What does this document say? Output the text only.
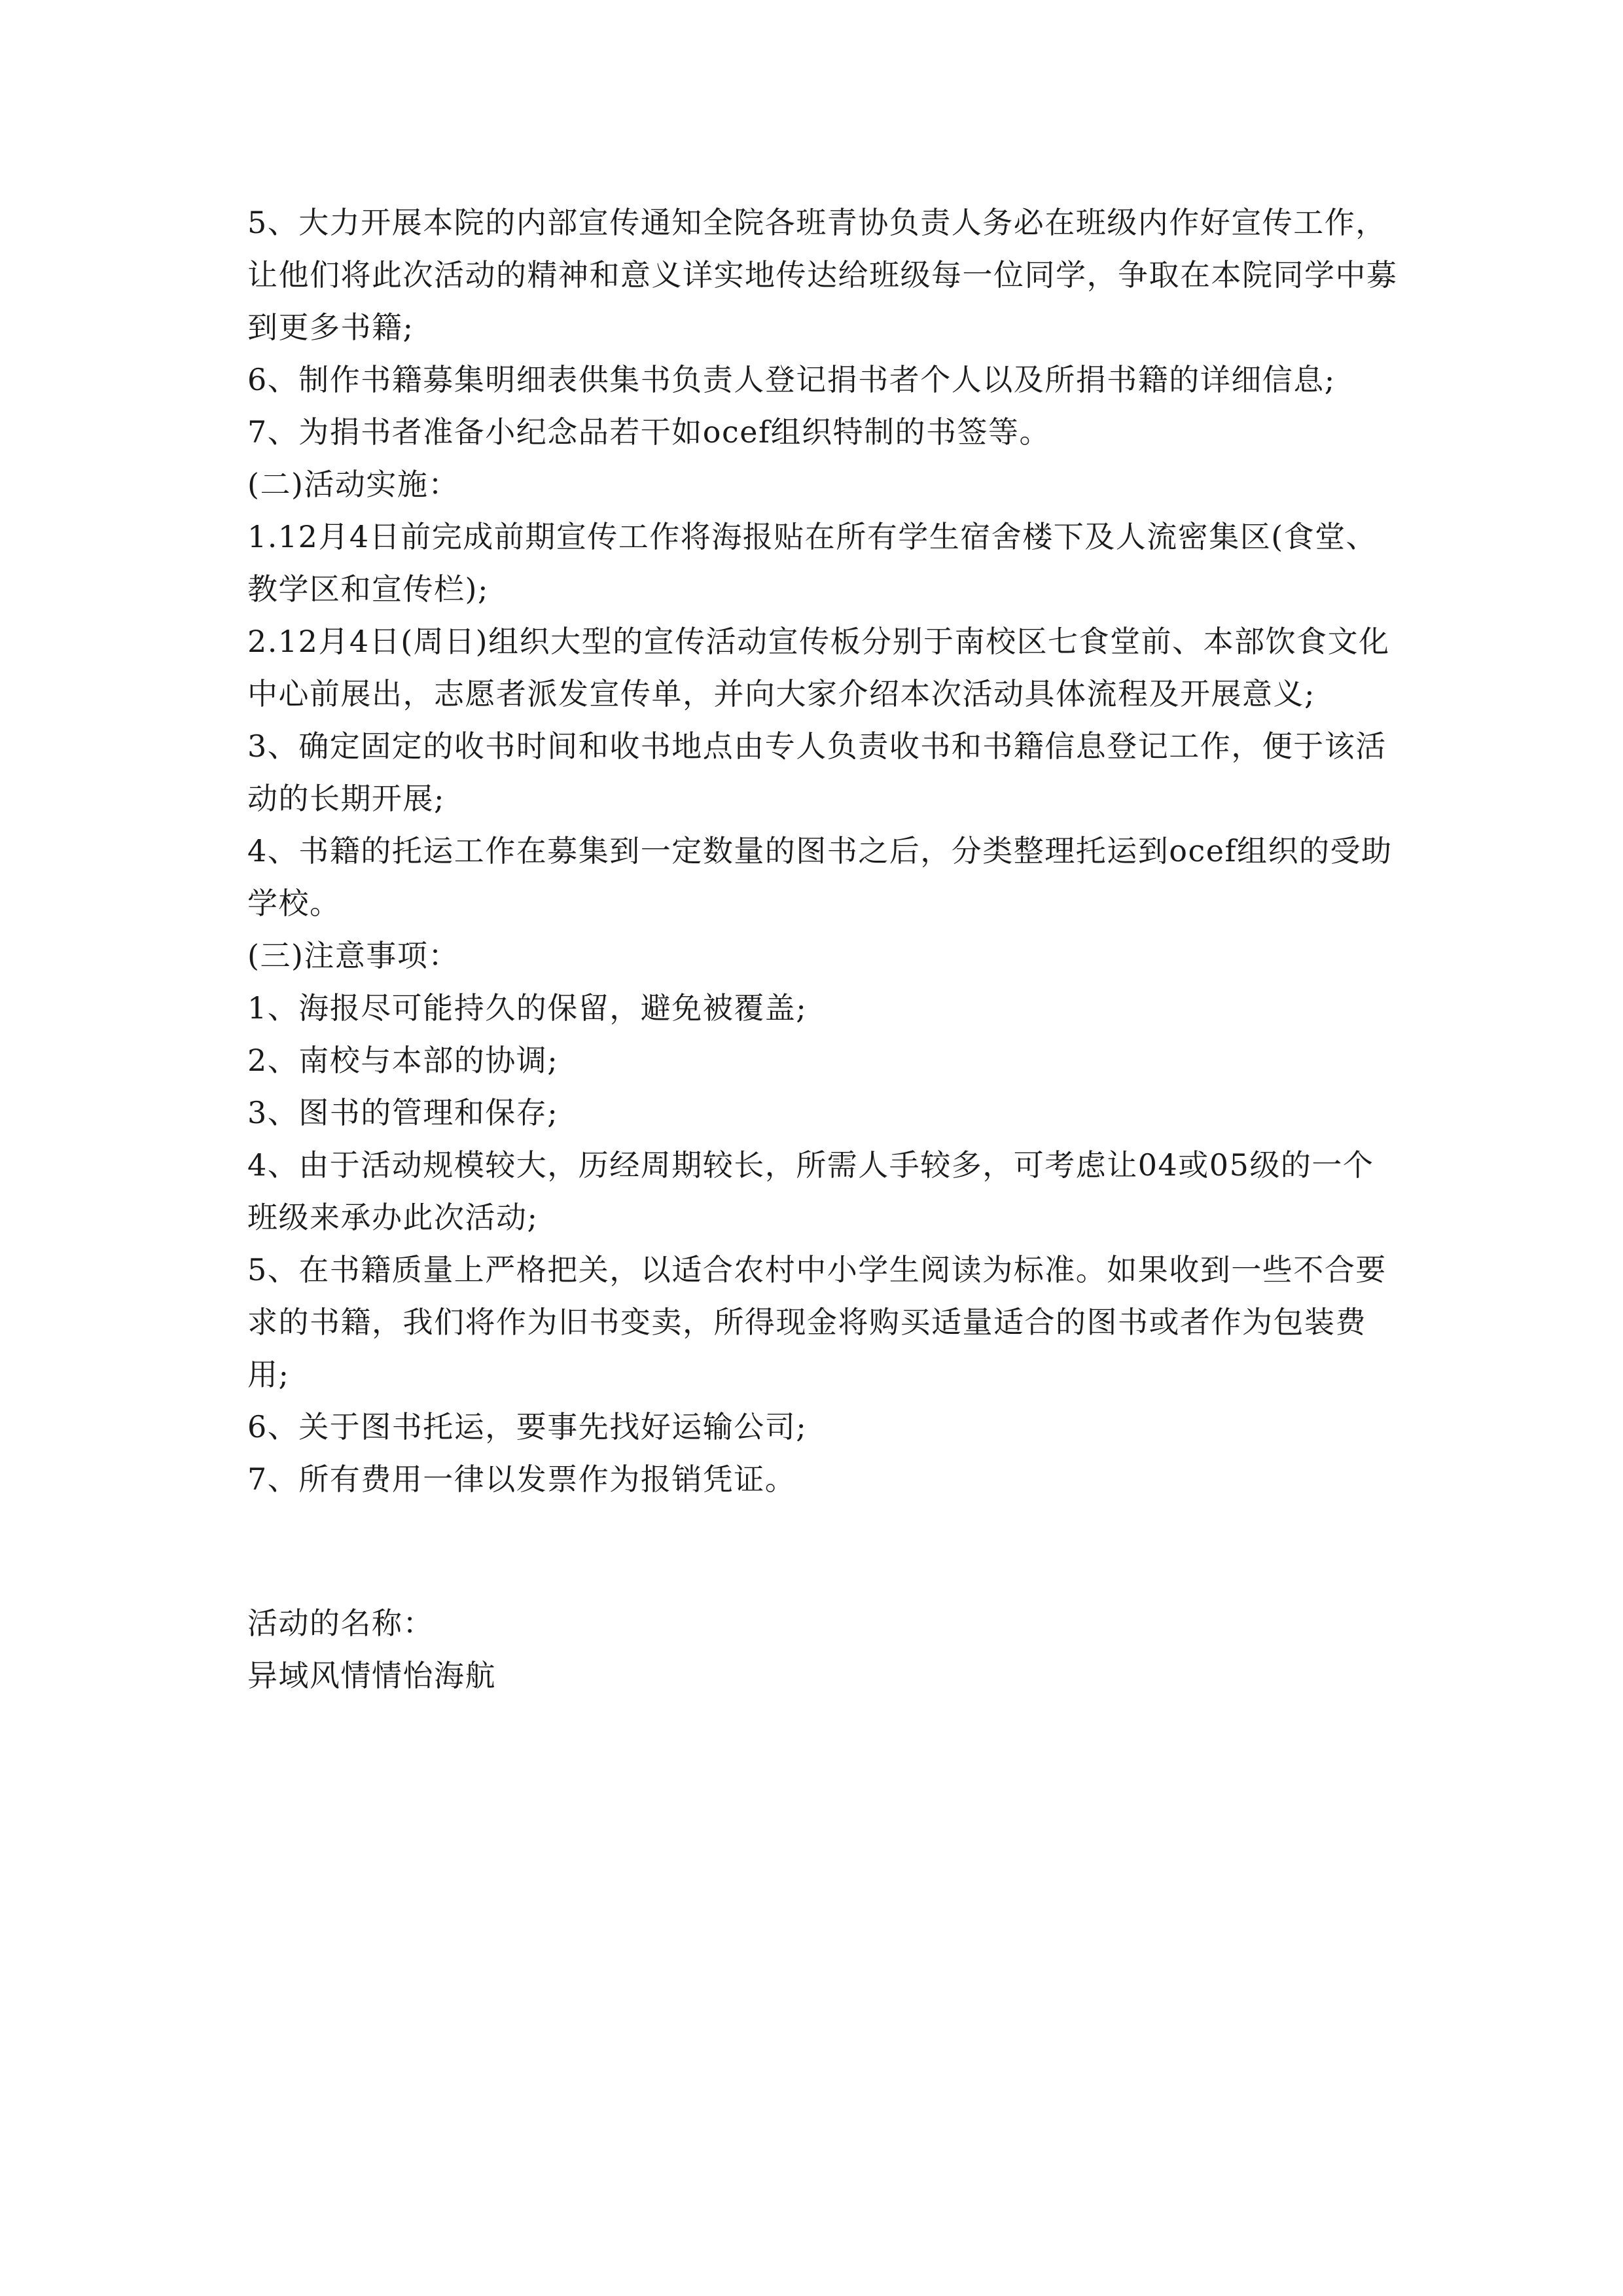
5、大力开展本院的内部宣传通知全院各班青协负责人务必在班级内作好宣传工作，让他们将此次活动的精神和意义详实地传达给班级每一位同学，争取在本院同学中募到更多书籍;

6、制作书籍募集明细表供集书负责人登记捐书者个人以及所捐书籍的详细信息;

7、为捐书者准备小纪念品若干如ocef组织特制的书签等。

(二)活动实施：

1.12月4日前完成前期宣传工作将海报贴在所有学生宿舍楼下及人流密集区(食堂、教学区和宣传栏);

2.12月4日(周日)组织大型的宣传活动宣传板分别于南校区七食堂前、本部饮食文化中心前展出，志愿者派发宣传单，并向大家介绍本次活动具体流程及开展意义;

3、确定固定的收书时间和收书地点由专人负责收书和书籍信息登记工作，便于该活动的长期开展;

4、书籍的托运工作在募集到一定数量的图书之后，分类整理托运到ocef组织的受助学校。

(三)注意事项：

1、海报尽可能持久的保留，避免被覆盖;

2、南校与本部的协调;

3、图书的管理和保存;

4、由于活动规模较大，历经周期较长，所需人手较多，可考虑让04或05级的一个班级来承办此次活动;

5、在书籍质量上严格把关，以适合农村中小学生阅读为标准。如果收到一些不合要求的书籍，我们将作为旧书变卖，所得现金将购买适量适合的图书或者作为包装费用;

6、关于图书托运，要事先找好运输公司;

7、所有费用一律以发票作为报销凭证。

活动的名称：

异域风情情怡海航
